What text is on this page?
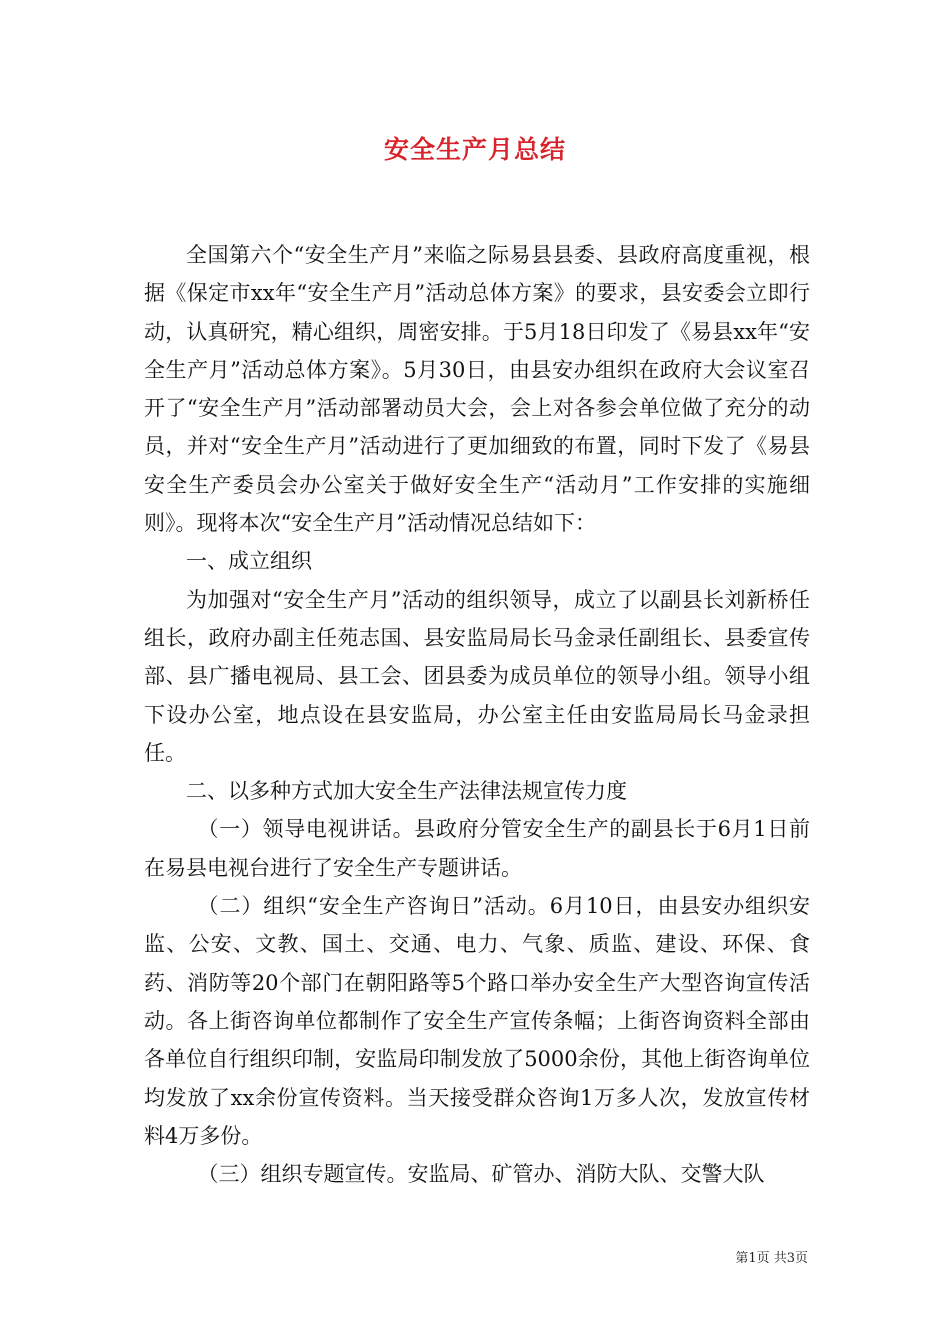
安全生产月总结

全国第六个“安全生产月”来临之际易县县委、县政府高度重视，根据《保定市xx年“安全生产月”活动总体方案》的要求，县安委会立即行动，认真研究，精心组织，周密安排。于5月18日印发了《易县xx年“安全生产月”活动总体方案》。5月30日，由县安办组织在政府大会议室召开了“安全生产月”活动部署动员大会，会上对各参会单位做了充分的动员，并对“安全生产月”活动进行了更加细致的布置，同时下发了《易县安全生产委员会办公室关于做好安全生产“活动月”工作安排的实施细则》。现将本次“安全生产月”活动情况总结如下：

一、成立组织

为加强对“安全生产月”活动的组织领导，成立了以副县长刘新桥任组长，政府办副主任苑志国、县安监局局长马金录任副组长、县委宣传部、县广播电视局、县工会、团县委为成员单位的领导小组。领导小组下设办公室，地点设在县安监局，办公室主任由安监局局长马金录担任。

二、以多种方式加大安全生产法律法规宣传力度

（一）领导电视讲话。县政府分管安全生产的副县长于6月1日前在易县电视台进行了安全生产专题讲话。

（二）组织“安全生产咨询日”活动。6月10日，由县安办组织安监、公安、文教、国土、交通、电力、气象、质监、建设、环保、食药、消防等20个部门在朝阳路等5个路口举办安全生产大型咨询宣传活动。各上街咨询单位都制作了安全生产宣传条幅；上街咨询资料全部由各单位自行组织印制，安监局印制发放了5000余份，其他上街咨询单位均发放了xx余份宣传资料。当天接受群众咨询1万多人次，发放宣传材料4万多份。

（三）组织专题宣传。安监局、矿管办、消防大队、交警大队

第1页 共3页
